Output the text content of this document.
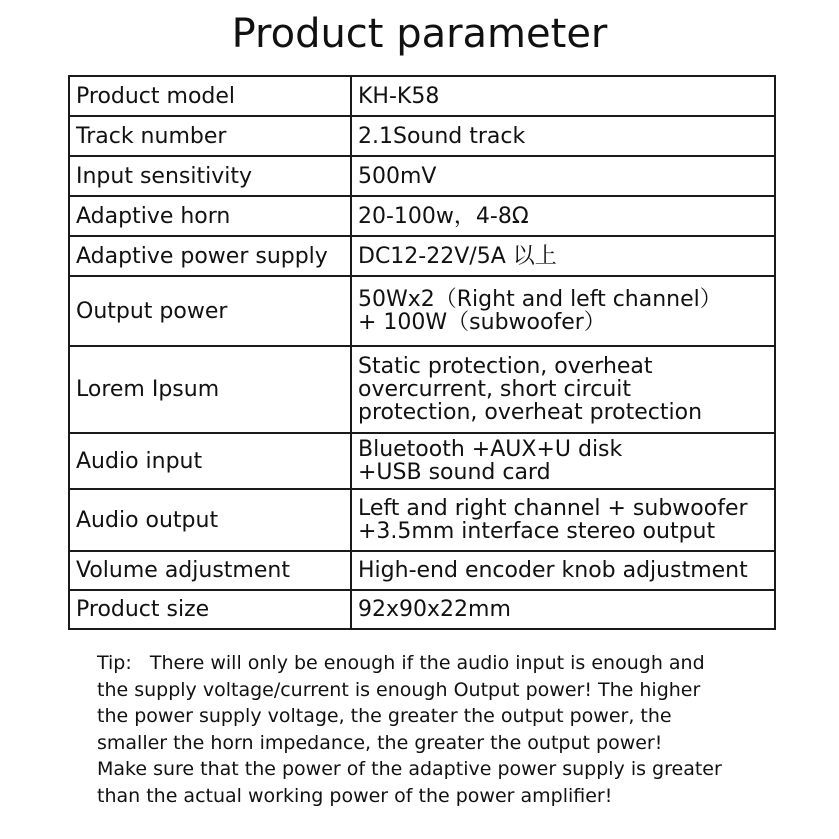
Product parameter
Product model	KH-K58

Track number	2.1Sound track

Input sensitivity	500mV

Adaptive horn	20-100w，4-8Ω

Adaptive power supply	DC12-22V/5A 以上

Output power	50Wx2（Right and left channel）
+ 100W（subwoofer）

Lorem Ipsum	Static protection, overheat
overcurrent, short circuit
protection, overheat protection

Audio input	Bluetooth +AUX+U disk
+USB sound card

Audio output	Left and right channel + subwoofer
+3.5mm interface stereo output

Volume adjustment	High-end encoder knob adjustment

Product size	92x90x22mm
Tip:   There will only be enough if the audio input is enough and
the supply voltage/current is enough Output power! The higher
the power supply voltage, the greater the output power, the
smaller the horn impedance, the greater the output power!
Make sure that the power of the adaptive power supply is greater
than the actual working power of the power amplifier!
